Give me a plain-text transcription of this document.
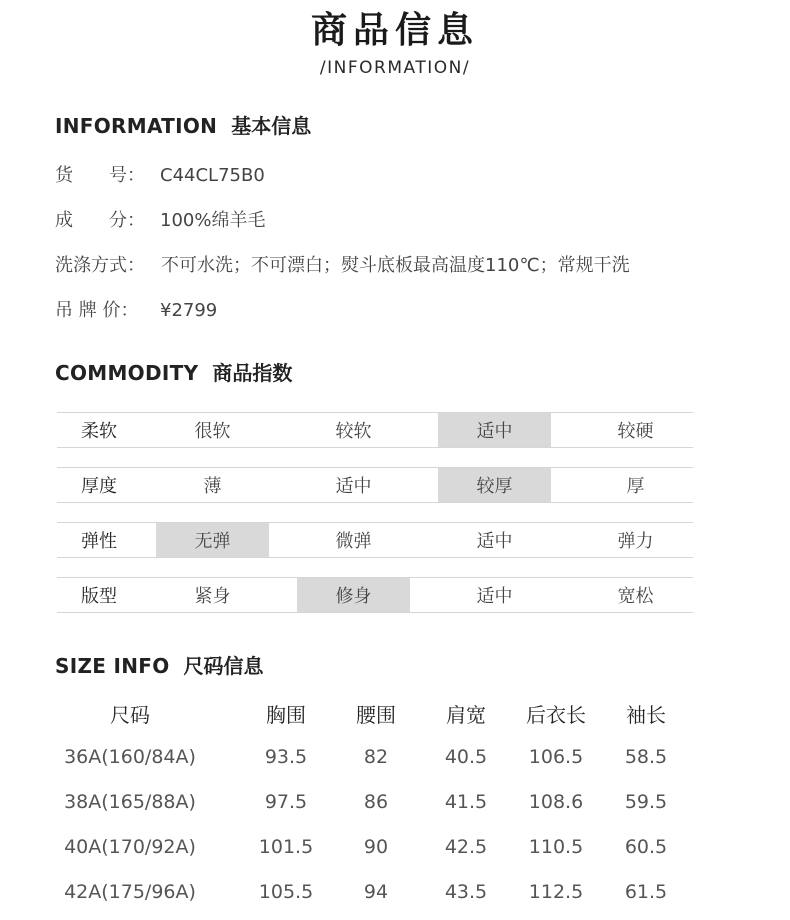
商品信息
/INFORMATION/
INFORMATION 基本信息
货　　号： C44CL75B0
成　　分： 100%绵羊毛
洗涤方式： 不可水洗；不可漂白；熨斗底板最高温度110℃；常规干洗
吊 牌 价：	¥2799
COMMODITY 商品指数
柔软	很软	较软	适中	较硬
厚度	薄	适中	较厚	厚
弹性	无弹	微弹	适中	弹力
版型	紧身	修身	适中	宽松
SIZE INFO 尺码信息
尺码	胸围	腰围	肩宽	后衣长	袖长
36A(160/84A)	93.5	82	40.5	106.5	58.5
38A(165/88A)	97.5	86	41.5	108.6	59.5
40A(170/92A)	101.5	90	42.5	110.5	60.5
42A(175/96A)	105.5	94	43.5	112.5	61.5
